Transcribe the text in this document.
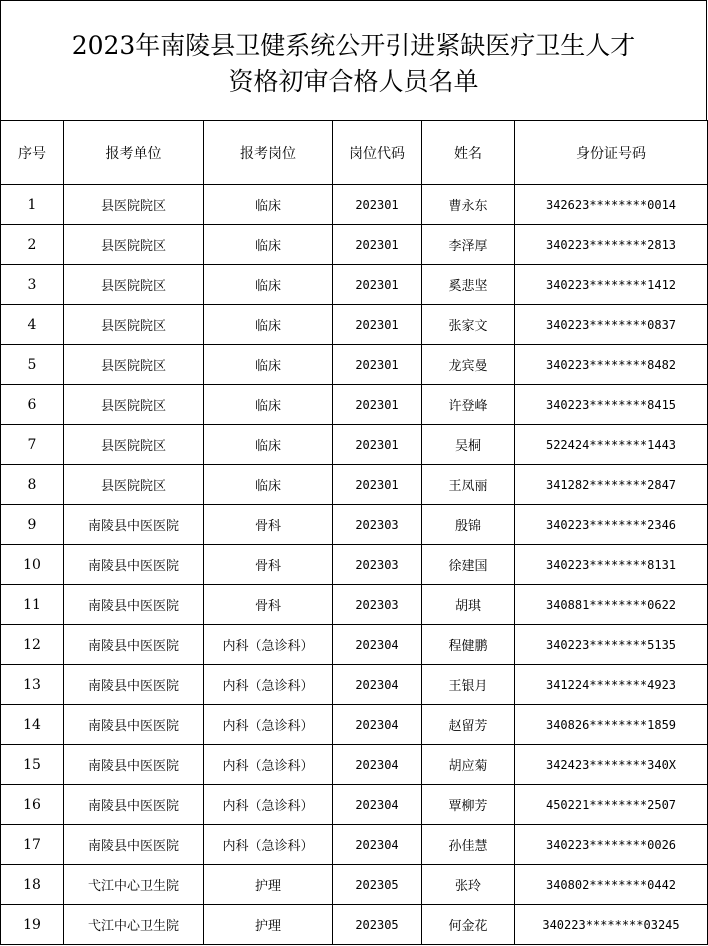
2023年南陵县卫健系统公开引进紧缺医疗卫生人才
资格初审合格人员名单
序号	报考单位	报考岗位	岗位代码	姓名	身份证号码
1	县医院院区	临床	202301	曹永东	342623********0014
2	县医院院区	临床	202301	李泽厚	340223********2813
3	县医院院区	临床	202301	奚悲坚	340223********1412
4	县医院院区	临床	202301	张家文	340223********0837
5	县医院院区	临床	202301	龙宾曼	340223********8482
6	县医院院区	临床	202301	许登峰	340223********8415
7	县医院院区	临床	202301	吴桐	522424********1443
8	县医院院区	临床	202301	王凤丽	341282********2847
9	南陵县中医医院	骨科	202303	殷锦	340223********2346
10	南陵县中医医院	骨科	202303	徐建国	340223********8131
11	南陵县中医医院	骨科	202303	胡琪	340881********0622
12	南陵县中医医院	内科（急诊科）	202304	程健鹏	340223********5135
13	南陵县中医医院	内科（急诊科）	202304	王银月	341224********4923
14	南陵县中医医院	内科（急诊科）	202304	赵留芳	340826********1859
15	南陵县中医医院	内科（急诊科）	202304	胡应菊	342423********340X
16	南陵县中医医院	内科（急诊科）	202304	覃柳芳	450221********2507
17	南陵县中医医院	内科（急诊科）	202304	孙佳慧	340223********0026
18	弋江中心卫生院	护理	202305	张玲	340802********0442
19	弋江中心卫生院	护理	202305	何金花	340223********03245
